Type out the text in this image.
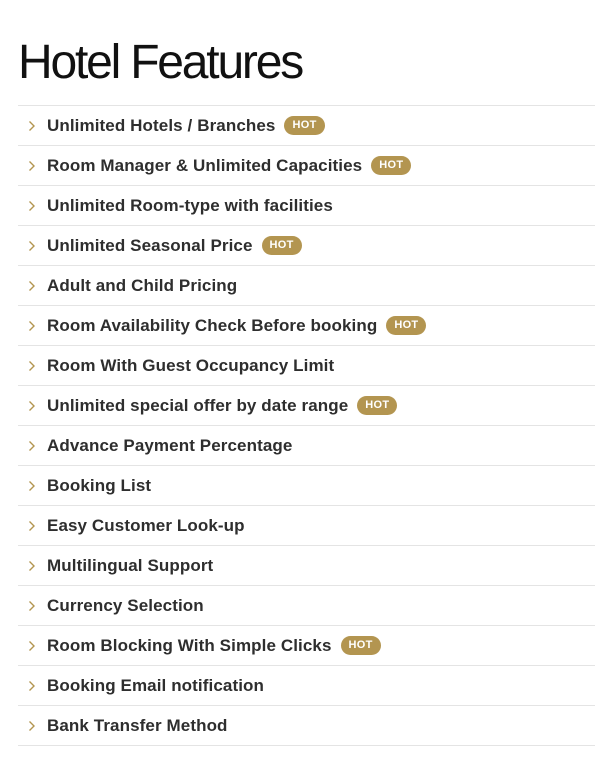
Hotel Features
Unlimited Hotels / Branches	HOT
Room Manager & Unlimited Capacities	HOT
Unlimited Room-type with facilities
Unlimited Seasonal Price	HOT
Adult and Child Pricing
Room Availability Check Before booking	HOT
Room With Guest Occupancy Limit
Unlimited special offer by date range	HOT
Advance Payment Percentage
Booking List
Easy Customer Look-up
Multilingual Support
Currency Selection
Room Blocking With Simple Clicks	HOT
Booking Email notification
Bank Transfer Method
